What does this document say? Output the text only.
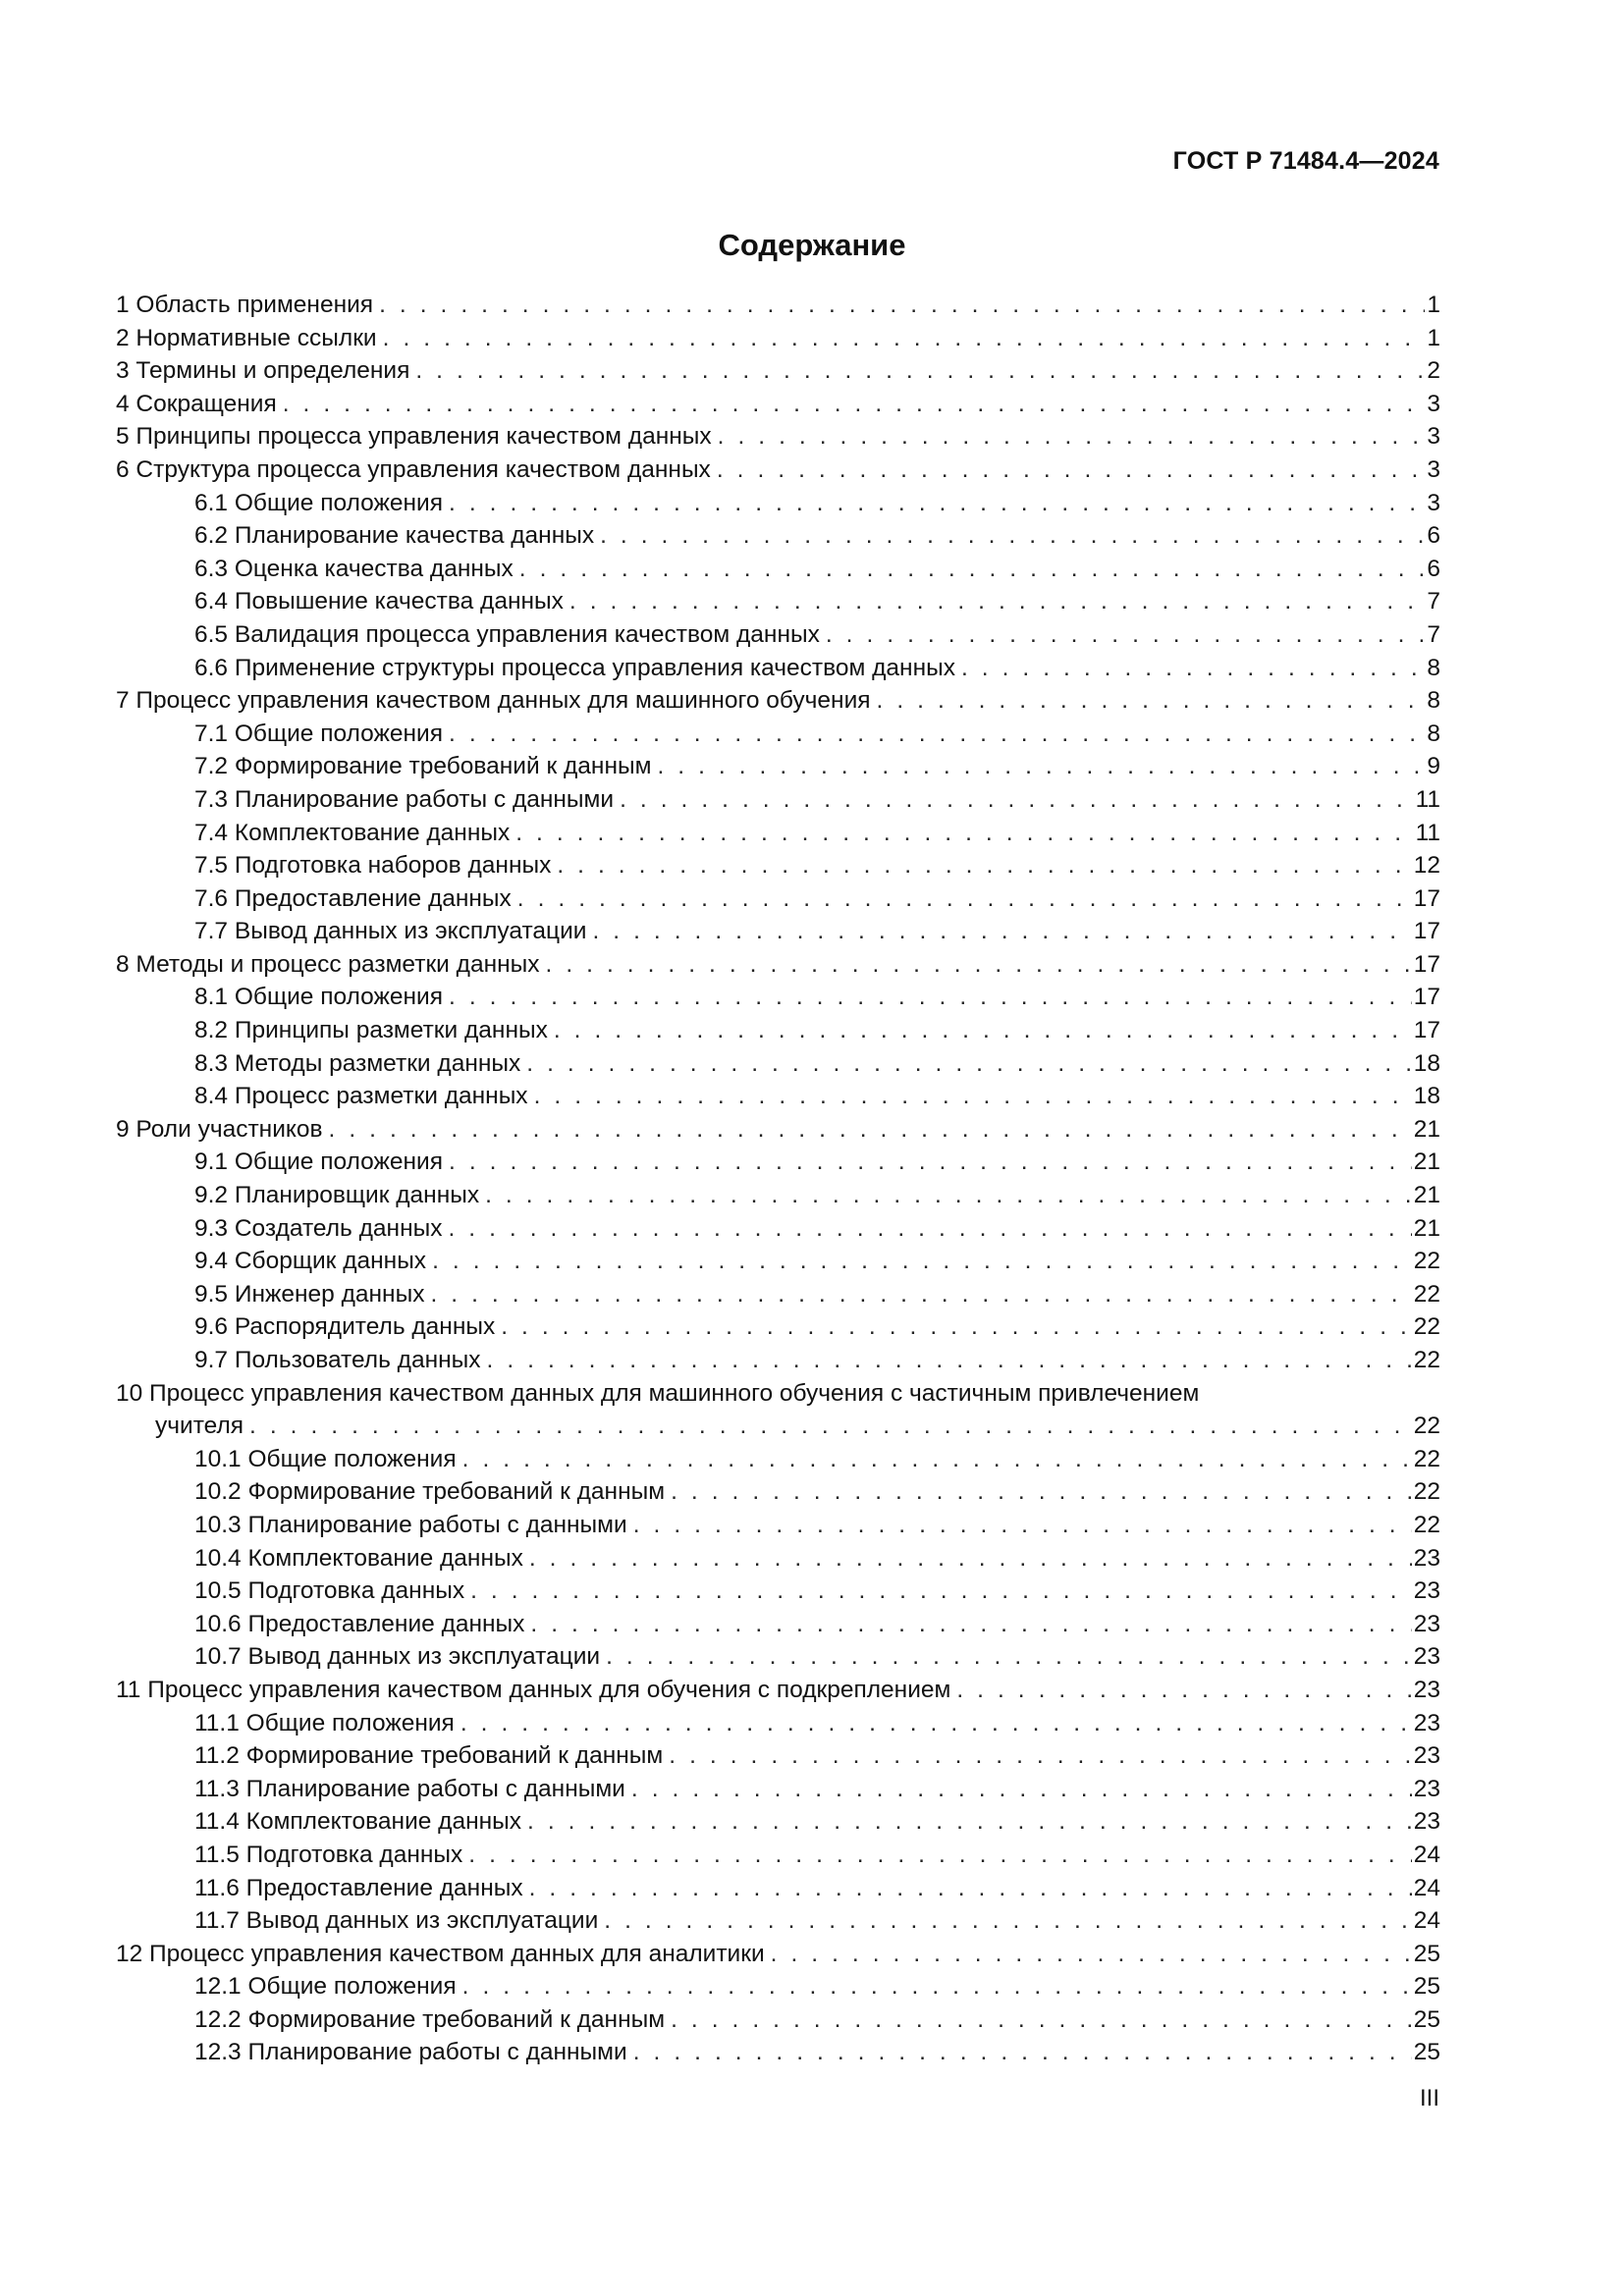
ГОСТ Р 71484.4—2024
Содержание
1 Область применения . . .	1
2 Нормативные ссылки . . .	1
3 Термины и определения . . .	2
4 Сокращения . . .	3
5 Принципы процесса управления качеством данных . . .	3
6 Структура процесса управления качеством данных . . .	3
6.1 Общие положения . . .	3
6.2 Планирование качества данных . . .	6
6.3 Оценка качества данных . . .	6
6.4 Повышение качества данных . . .	7
6.5 Валидация процесса управления качеством данных . . .	7
6.6 Применение структуры процесса управления качеством данных . . .	8
7 Процесс управления качеством данных для машинного обучения . . .	8
7.1 Общие положения . . .	8
7.2 Формирование требований к данным . . .	9
7.3 Планирование работы с данными . . .	11
7.4 Комплектование данных . . .	11
7.5 Подготовка наборов данных . . .	12
7.6 Предоставление данных . . .	17
7.7 Вывод данных из эксплуатации . . .	17
8 Методы и процесс разметки данных . . .	17
8.1 Общие положения . . .	17
8.2 Принципы разметки данных . . .	17
8.3 Методы разметки данных . . .	18
8.4 Процесс разметки данных . . .	18
9 Роли участников . . .	21
9.1 Общие положения . . .	21
9.2 Планировщик данных . . .	21
9.3 Создатель данных . . .	21
9.4 Сборщик данных . . .	22
9.5 Инженер данных . . .	22
9.6 Распорядитель данных . . .	22
9.7 Пользователь данных . . .	22
10 Процесс управления качеством данных для машинного обучения с частичным привлечением
учителя . . .	22
10.1 Общие положения . . .	22
10.2 Формирование требований к данным . . .	22
10.3 Планирование работы с данными . . .	22
10.4 Комплектование данных . . .	23
10.5 Подготовка данных . . .	23
10.6 Предоставление данных . . .	23
10.7 Вывод данных из эксплуатации . . .	23
11 Процесс управления качеством данных для обучения с подкреплением . . .	23
11.1 Общие положения . . .	23
11.2 Формирование требований к данным . . .	23
11.3 Планирование работы с данными . . .	23
11.4 Комплектование данных . . .	23
11.5 Подготовка данных . . .	24
11.6 Предоставление данных . . .	24
11.7 Вывод данных из эксплуатации . . .	24
12 Процесс управления качеством данных для аналитики . . .	25
12.1 Общие положения . . .	25
12.2 Формирование требований к данным . . .	25
12.3 Планирование работы с данными . . .	25
III
